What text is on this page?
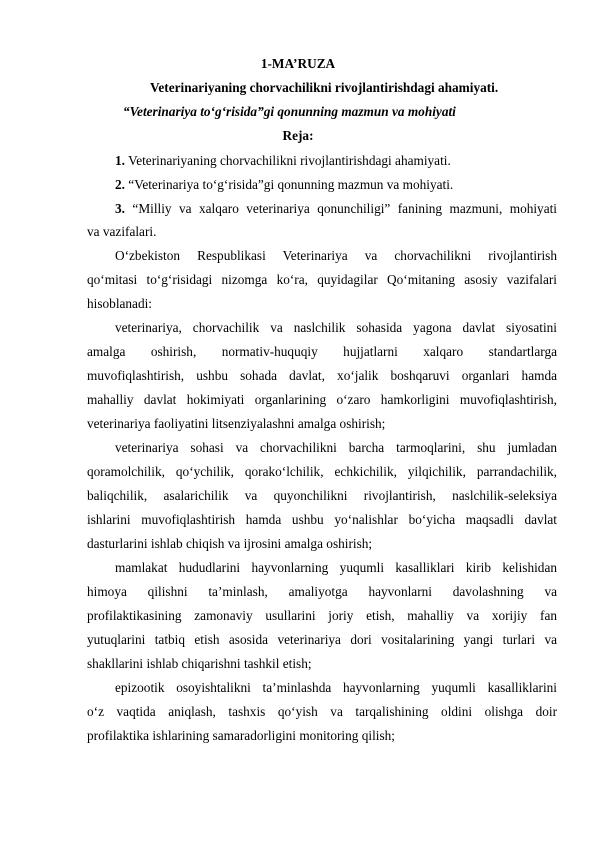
1-MA’RUZA
Veterinariyaning chorvachilikni rivojlantirishdagi ahamiyati.
“Veterinariya to‘g‘risida”gi qonunning mazmun va mohiyati
Reja:
1. Veterinariyaning chorvachilikni rivojlantirishdagi ahamiyati.
2. “Veterinariya to‘g‘risida”gi qonunning mazmun va mohiyati.
3. “Milliy va xalqaro veterinariya qonunchiligi” fanining mazmuni, mohiyati
va vazifalari.
O‘zbekiston Respublikasi Veterinariya va chorvachilikni rivojlantirish
qo‘mitasi to‘g‘risidagi nizomga ko‘ra, quyidagilar Qo‘mitaning asosiy vazifalari
hisoblanadi:
veterinariya, chorvachilik va naslchilik sohasida yagona davlat siyosatini
amalga oshirish, normativ-huquqiy hujjatlarni xalqaro standartlarga
muvofiqlashtirish, ushbu sohada davlat, xo‘jalik boshqaruvi organlari hamda
mahalliy davlat hokimiyati organlarining o‘zaro hamkorligini muvofiqlashtirish,
veterinariya faoliyatini litsenziyalashni amalga oshirish;
veterinariya sohasi va chorvachilikni barcha tarmoqlarini, shu jumladan
qoramolchilik, qo‘ychilik, qorako‘lchilik, echkichilik, yilqichilik, parrandachilik,
baliqchilik, asalarichilik va quyonchilikni rivojlantirish, naslchilik-seleksiya
ishlarini muvofiqlashtirish hamda ushbu yo‘nalishlar bo‘yicha maqsadli davlat
dasturlarini ishlab chiqish va ijrosini amalga oshirish;
mamlakat hududlarini hayvonlarning yuqumli kasalliklari kirib kelishidan
himoya qilishni ta’minlash, amaliyotga hayvonlarni davolashning va
profilaktikasining zamonaviy usullarini joriy etish, mahalliy va xorijiy fan
yutuqlarini tatbiq etish asosida veterinariya dori vositalarining yangi turlari va
shakllarini ishlab chiqarishni tashkil etish;
epizootik osoyishtalikni ta’minlashda hayvonlarning yuqumli kasalliklarini
o‘z vaqtida aniqlash, tashxis qo‘yish va tarqalishining oldini olishga doir
profilaktika ishlarining samaradorligini monitoring qilish;
